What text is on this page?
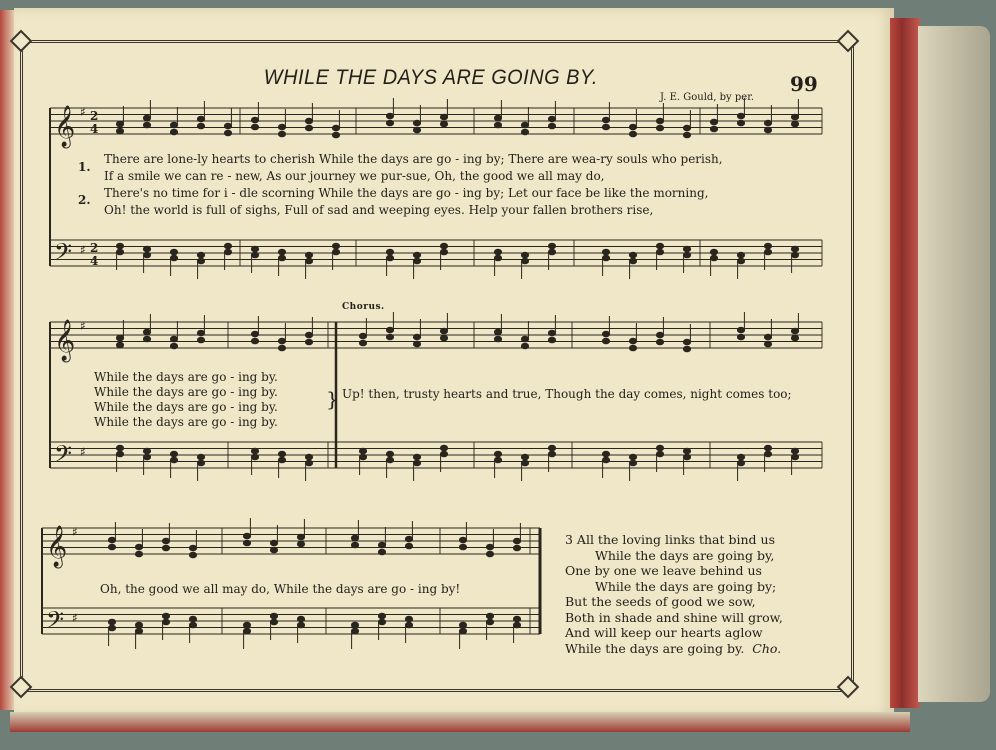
WHILE THE DAYS ARE GOING BY.	99
J. E. Gould, by per.
𝄞 ♯ 2
4
𝄢 ♯ 2
4
𝄞 ♯
𝄢 ♯
𝄞 ♯
𝄢 ♯
1.
2.
There are lone-ly hearts to cherish While the days are go - ing by; There are wea-ry souls who perish,
If a smile we can re - new, As our journey we pur-sue, Oh, the good we all may do,
There's no time for i - dle scorning While the days are go - ing by; Let our face be like the morning,
Oh! the world is full of sighs, Full of sad and weeping eyes. Help your fallen brothers rise,
Chorus.
While the days are go - ing by.
While the days are go - ing by.
While the days are go - ing by.
While the days are go - ing by.
} Up! then, trusty hearts and true, Though the day comes, night comes too;
Oh, the good we all may do, While the days are go - ing by!
3 All the loving links that bind us
While the days are going by,
One by one we leave behind us
While the days are going by;
But the seeds of good we sow,
Both in shade and shine will grow,
And will keep our hearts aglow
While the days are going by. Cho.
